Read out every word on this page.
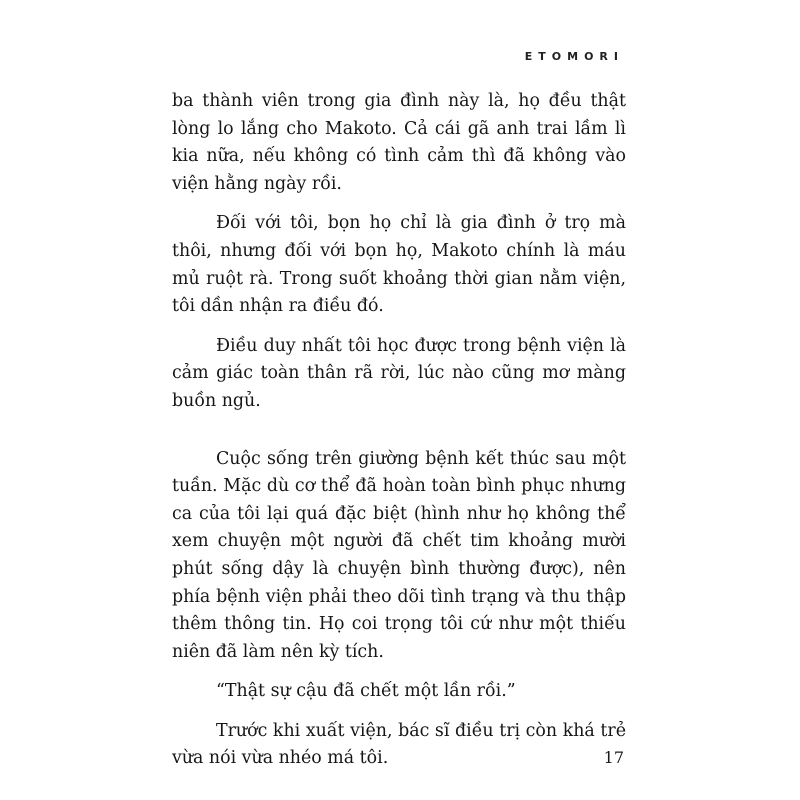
ETOMORI

ba thành viên trong gia đình này là, họ đều thật lòng lo lắng cho Makoto. Cả cái gã anh trai lầm lì kia nữa, nếu không có tình cảm thì đã không vào viện hằng ngày rồi.

Đối với tôi, bọn họ chỉ là gia đình ở trọ mà thôi, nhưng đối với bọn họ, Makoto chính là máu mủ ruột rà. Trong suốt khoảng thời gian nằm viện, tôi dần nhận ra điều đó.

Điều duy nhất tôi học được trong bệnh viện là cảm giác toàn thân rã rời, lúc nào cũng mơ màng buồn ngủ.

Cuộc sống trên giường bệnh kết thúc sau một tuần. Mặc dù cơ thể đã hoàn toàn bình phục nhưng ca của tôi lại quá đặc biệt (hình như họ không thể xem chuyện một người đã chết tim khoảng mười phút sống dậy là chuyện bình thường được), nên phía bệnh viện phải theo dõi tình trạng và thu thập thêm thông tin. Họ coi trọng tôi cứ như một thiếu niên đã làm nên kỳ tích.

“Thật sự cậu đã chết một lần rồi.”

Trước khi xuất viện, bác sĩ điều trị còn khá trẻ vừa nói vừa nhéo má tôi.	17
